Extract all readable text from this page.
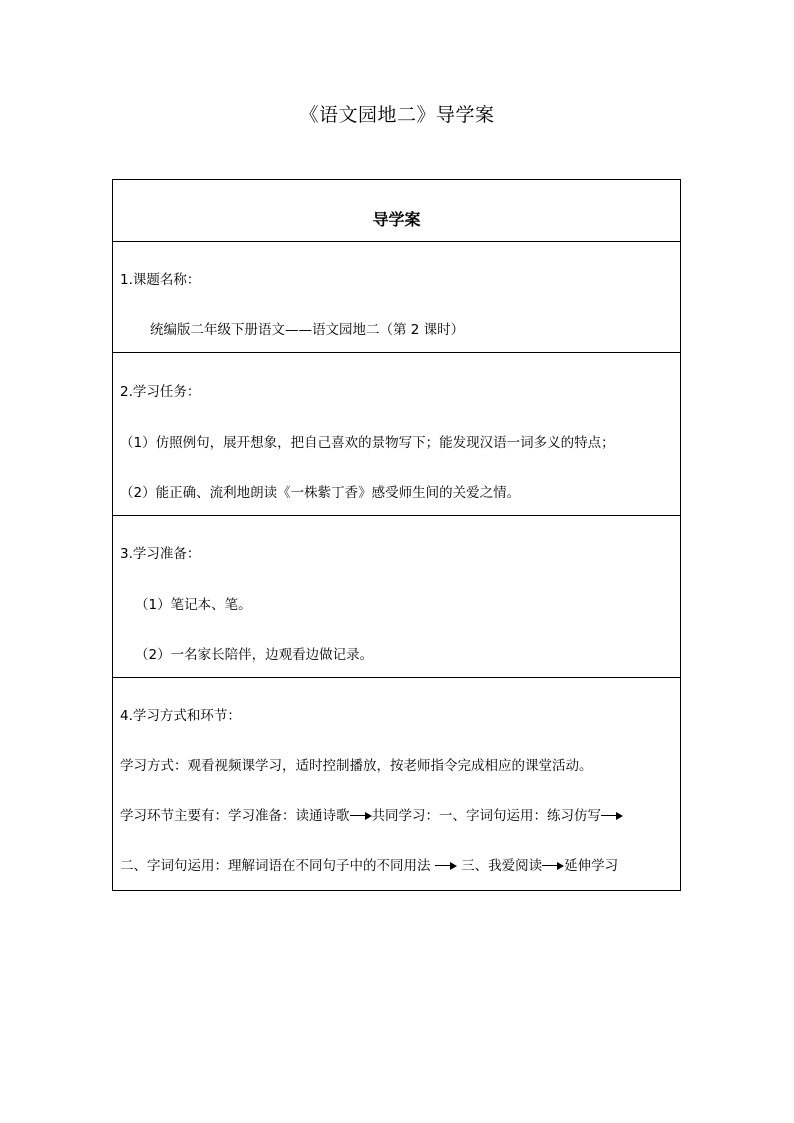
《语文园地二》导学案
导学案
1.课题名称：
统编版二年级下册语文——语文园地二（第 2 课时）
2.学习任务：
（1）仿照例句，展开想象，把自己喜欢的景物写下；能发现汉语一词多义的特点；
（2）能正确、流利地朗读《一株紫丁香》感受师生间的关爱之情。
3.学习准备：
（1）笔记本、笔。
（2）一名家长陪伴，边观看边做记录。
4.学习方式和环节：
学习方式：观看视频课学习，适时控制播放，按老师指令完成相应的课堂活动。
学习环节主要有：学习准备：读通诗歌 共同学习：一、字词句运用：练习仿写
二、字词句运用：理解词语在不同句子中的不同用法 三、我爱阅读 延伸学习
